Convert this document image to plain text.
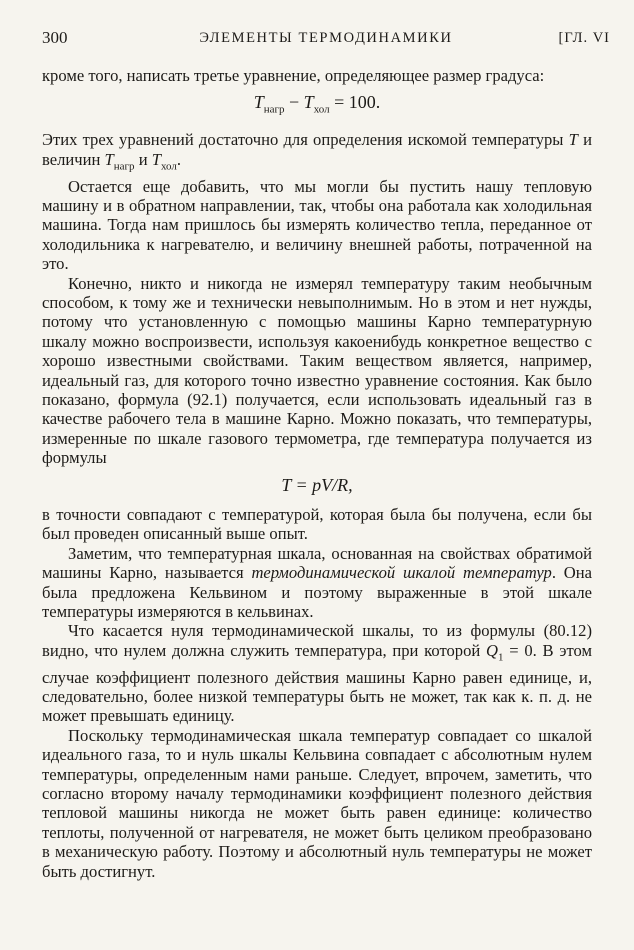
300	ЭЛЕМЕНТЫ ТЕРМОДИНАМИКИ	[ГЛ. VI

кроме того, написать третье уравнение, определяющее размер градуса:

$T_{нагр} - T_{хол} = 100$.

Этих трех уравнений достаточно для определения искомой температуры T и величин $T_{нагр}$ и $T_{хол}$.

Остается еще добавить, что мы могли бы пустить нашу тепловую машину и в обратном направлении, так, чтобы она работала как холодильная машина. Тогда нам пришлось бы измерять количество тепла, переданное от холодильника к нагревателю, и величину внешней работы, потраченной на это.

Конечно, никто и никогда не измерял температуру таким необычным способом, к тому же и технически невыполнимым. Но в этом и нет нужды, потому что установленную с помощью машины Карно температурную шкалу можно воспроизвести, используя какоенибудь конкретное вещество с хорошо известными свойствами. Таким веществом является, например, идеальный газ, для которого точно известно уравнение состояния. Как было показано, формула (92.1) получается, если использовать идеальный газ в качестве рабочего тела в машине Карно. Можно показать, что температуры, измеренные по шкале газового термометра, где температура получается из формулы

T = pV/R,

в точности совпадают с температурой, которая была бы получена, если бы был проведен описанный выше опыт.

Заметим, что температурная шкала, основанная на свойствах обратимой машины Карно, называется термодинамической шкалой температур. Она была предложена Кельвином и поэтому выраженные в этой шкале температуры измеряются в кельвинах.

Что касается нуля термодинамической шкалы, то из формулы (80.12) видно, что нулем должна служить температура, при которой $Q_1 = 0$. В этом случае коэффициент полезного действия машины Карно равен единице, и, следовательно, более низкой температуры быть не может, так как к. п. д. не может превышать единицу.

Поскольку термодинамическая шкала температур совпадает со шкалой идеального газа, то и нуль шкалы Кельвина совпадает с абсолютным нулем температуры, определенным нами раньше. Следует, впрочем, заметить, что согласно второму началу термодинамики коэффициент полезного действия тепловой машины никогда не может быть равен единице: количество теплоты, полученной от нагревателя, не может быть целиком преобразовано в механическую работу. Поэтому и абсолютный нуль температуры не может быть достигнут.
